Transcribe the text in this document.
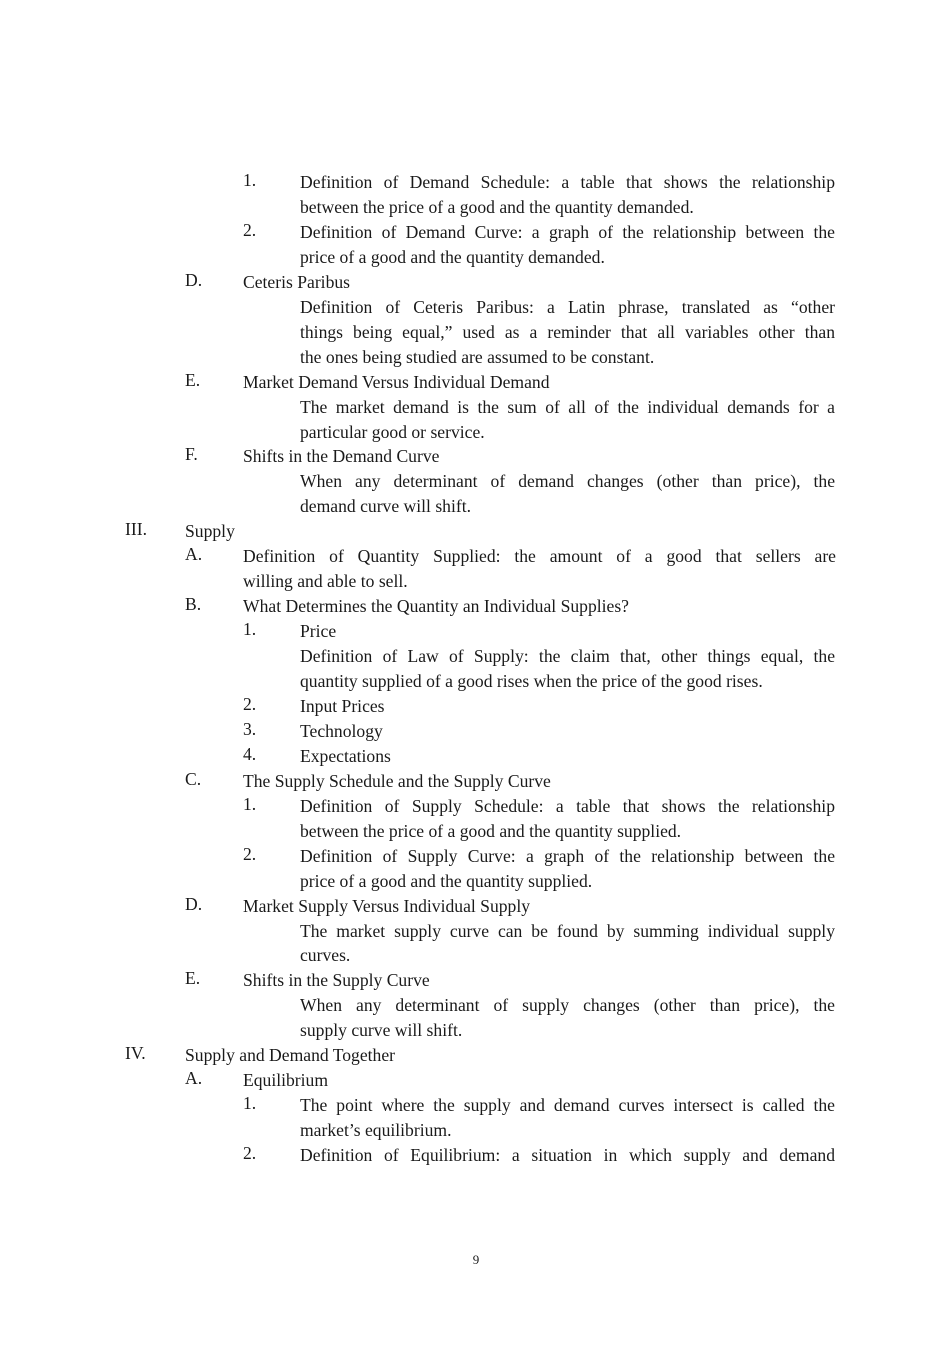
1. Definition of Demand Schedule: a table that shows the relationship
between the price of a good and the quantity demanded.
2. Definition of Demand Curve: a graph of the relationship between the
price of a good and the quantity demanded.
D. Ceteris Paribus
Definition of Ceteris Paribus: a Latin phrase, translated as “other
things being equal,” used as a reminder that all variables other than
the ones being studied are assumed to be constant.
E. Market Demand Versus Individual Demand
The market demand is the sum of all of the individual demands for a
particular good or service.
F.	Shifts in the Demand Curve
When any determinant of demand changes (other than price), the
demand curve will shift.
III. Supply
A. Definition of Quantity Supplied: the amount of a good that sellers are
willing and able to sell.
B. What Determines the Quantity an Individual Supplies?
1. Price
Definition of Law of Supply: the claim that, other things equal, the
quantity supplied of a good rises when the price of the good rises.
2. Input Prices
3. Technology
4. Expectations
C. The Supply Schedule and the Supply Curve
1. Definition of Supply Schedule: a table that shows the relationship
between the price of a good and the quantity supplied.
2. Definition of Supply Curve: a graph of the relationship between the
price of a good and the quantity supplied.
D. Market Supply Versus Individual Supply
The market supply curve can be found by summing individual supply
curves.
E. Shifts in the Supply Curve
When any determinant of supply changes (other than price), the
supply curve will shift.
IV. Supply and Demand Together
A. Equilibrium
1. The point where the supply and demand curves intersect is called the
market’s equilibrium.
2. Definition of Equilibrium: a situation in which supply and demand
9
